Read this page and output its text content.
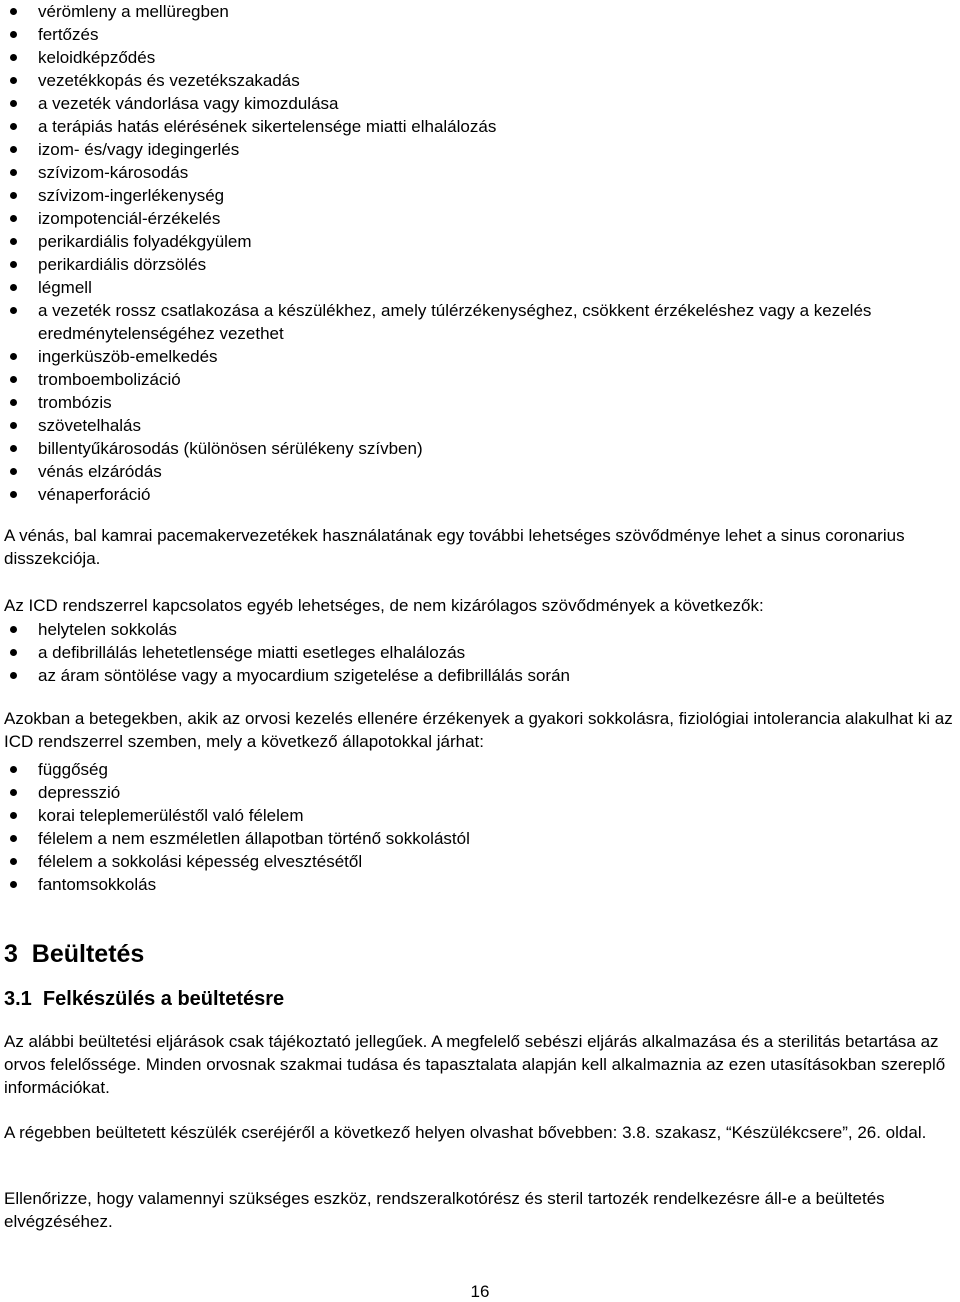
vérömleny a mellüregben
fertőzés
keloidképződés
vezetékkopás és vezetékszakadás
a vezeték vándorlása vagy kimozdulása
a terápiás hatás elérésének sikertelensége miatti elhalálozás
izom- és/vagy idegingerlés
szívizom-károsodás
szívizom-ingerlékenység
izompotenciál-érzékelés
perikardiális folyadékgyülem
perikardiális dörzsölés
légmell
a vezeték rossz csatlakozása a készülékhez, amely túlérzékenységhez, csökkent érzékeléshez vagy a kezelés eredménytelenségéhez vezethet
ingerküszöb-emelkedés
tromboembolizáció
trombózis
szövetelhalás
billentyűkárosodás (különösen sérülékeny szívben)
vénás elzáródás
vénaperforáció

A vénás, bal kamrai pacemakervezetékek használatának egy további lehetséges szövődménye lehet a sinus coronarius disszekciója.

Az ICD rendszerrel kapcsolatos egyéb lehetséges, de nem kizárólagos szövődmények a következők:

helytelen sokkolás
a defibrillálás lehetetlensége miatti esetleges elhalálozás
az áram söntölése vagy a myocardium szigetelése a defibrillálás során

Azokban a betegekben, akik az orvosi kezelés ellenére érzékenyek a gyakori sokkolásra, fiziológiai intolerancia alakulhat ki az ICD rendszerrel szemben, mely a következő állapotokkal járhat:

függőség
depresszió
korai teleplemerüléstől való félelem
félelem a nem eszméletlen állapotban történő sokkolástól
félelem a sokkolási képesség elvesztésétől
fantomsokkolás
3  Beültetés
3.1  Felkészülés a beültetésre

Az alábbi beültetési eljárások csak tájékoztató jellegűek. A megfelelő sebészi eljárás alkalmazása és a sterilitás betartása az orvos felelőssége. Minden orvosnak szakmai tudása és tapasztalata alapján kell alkalmaznia az ezen utasításokban szereplő információkat.

A régebben beültetett készülék cseréjéről a következő helyen olvashat bővebben: 3.8. szakasz, “Készülékcsere”, 26. oldal.

Ellenőrizze, hogy valamennyi szükséges eszköz, rendszeralkotórész és steril tartozék rendelkezésre áll-e a beültetés elvégzéséhez.

16
